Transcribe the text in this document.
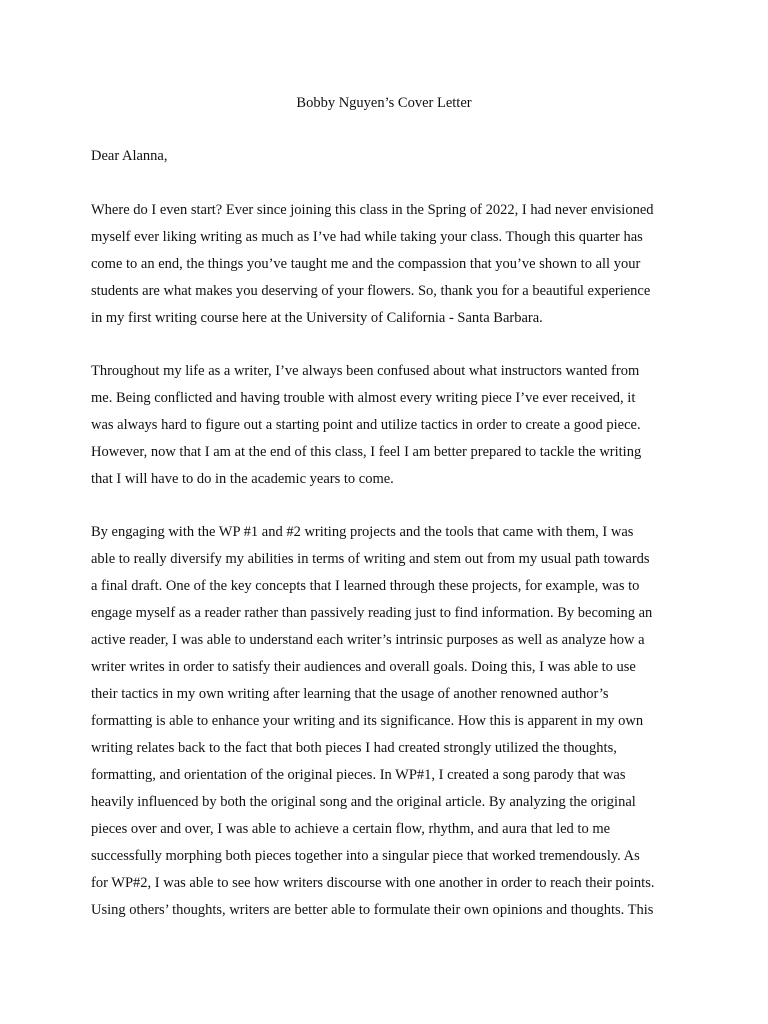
Bobby Nguyen’s Cover Letter
Dear Alanna,
Where do I even start? Ever since joining this class in the Spring of 2022, I had never envisioned
myself ever liking writing as much as I’ve had while taking your class. Though this quarter has
come to an end, the things you’ve taught me and the compassion that you’ve shown to all your
students are what makes you deserving of your flowers. So, thank you for a beautiful experience
in my first writing course here at the University of California - Santa Barbara.
Throughout my life as a writer, I’ve always been confused about what instructors wanted from
me. Being conflicted and having trouble with almost every writing piece I’ve ever received, it
was always hard to figure out a starting point and utilize tactics in order to create a good piece.
However, now that I am at the end of this class, I feel I am better prepared to tackle the writing
that I will have to do in the academic years to come.
By engaging with the WP #1 and #2 writing projects and the tools that came with them, I was
able to really diversify my abilities in terms of writing and stem out from my usual path towards
a final draft. One of the key concepts that I learned through these projects, for example, was to
engage myself as a reader rather than passively reading just to find information. By becoming an
active reader, I was able to understand each writer’s intrinsic purposes as well as analyze how a
writer writes in order to satisfy their audiences and overall goals. Doing this, I was able to use
their tactics in my own writing after learning that the usage of another renowned author’s
formatting is able to enhance your writing and its significance. How this is apparent in my own
writing relates back to the fact that both pieces I had created strongly utilized the thoughts,
formatting, and orientation of the original pieces. In WP#1, I created a song parody that was
heavily influenced by both the original song and the original article. By analyzing the original
pieces over and over, I was able to achieve a certain flow, rhythm, and aura that led to me
successfully morphing both pieces together into a singular piece that worked tremendously. As
for WP#2, I was able to see how writers discourse with one another in order to reach their points.
Using others’ thoughts, writers are better able to formulate their own opinions and thoughts. This
